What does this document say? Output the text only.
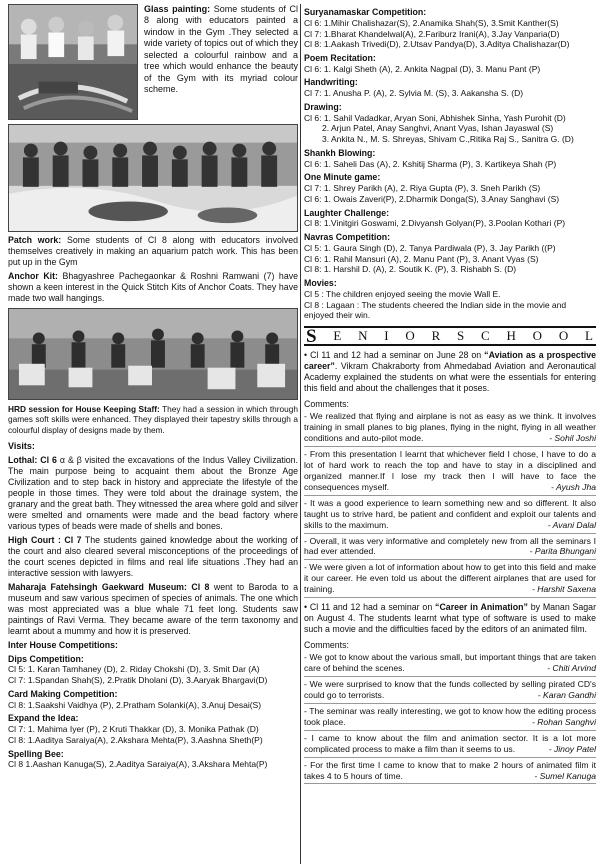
Glass painting: Some students of Cl 8 along with educators painted a window in the Gym .They selected a wide variety of topics out of which they selected a colourful rainbow and a tree which would enhance the beauty of the Gym with its myriad colour scheme.

Patch work: Some students of Cl 8 along with educators involved themselves creatively in making an aquarium patch work. This has been put up in the Gym

Anchor Kit: Bhagyashree Pachegaonkar & Roshni Ramwani (7) have shown a keen interest in the Quick Stitch Kits of Anchor Coats. They have made two wall hangings.

HRD session for House Keeping Staff: They had a session in which through games soft skills were enhanced. They displayed their tapestry skills through a colourful display of designs made by them.

Visits:

Lothal: Cl 6 α & β visited the excavations of the Indus Valley Civilization. The main purpose being to acquaint them about the Bronze Age Civilization and to step back in history and appreciate the lifestyle of the people in those times. They were told about the drainage system, the granary and the great bath. They witnessed the area where gold and silver were smelted and ornaments were made and the bead factory where various types of beads were made of shells and bones.

High Court : Cl 7 The students gained knowledge about the working of the court and also cleared several misconceptions of the proceedings of the court scenes depicted in films and real life situations .They had an interactive session with lawyers.

Maharaja Fatehsingh Gaekward Museum: Cl 8 went to Baroda to a museum and saw various specimen of species of animals. The one which was most appreciated was a blue whale 71 feet long. Students saw paintings of Ravi Verma. They became aware of the term taxonomy and learnt about a mummy and how it is preserved.

Inter House Competitions:
Dips Competition:
Cl 5: 1. Karan Tamhaney (D), 2. Riday Chokshi (D), 3. Smit Dar (A)
Cl 7: 1.Spandan Shah(S), 2.Pratik Dholani (D), 3.Aaryak Bhargavi(D)
Card Making Competition:
Cl 8: 1.Saakshi Vaidhya (P), 2.Pratham Solanki(A), 3.Anuj Desai(S)
Expand the Idea:
Cl 7: 1. Mahima Iyer (P), 2 Kruti Thakkar (D), 3. Monika Pathak (D)
Cl 8: 1.Aaditya Saraiya(A), 2.Akshara Mehta(P), 3.Aashna Sheth(P)
Spelling Bee:
Cl 8 1.Aashan Kanuga(S), 2.Aaditya Saraiya(A), 3.Akshara Mehta(P)
Suryanamaskar Competition:
Cl 6: 1.Mihir Chalishazar(S), 2.Anamika Shah(S), 3.Smit Kanther(S)
Cl 7: 1.Bharat Khandelwal(A), 2.Fariburz Irani(A), 3.Jay Vanparia(D)
Cl 8: 1.Aakash Trivedi(D), 2.Utsav Pandya(D), 3.Aditya Chalishazar(D)
Poem Recitation:
Cl 6: 1. Kalgi Sheth (A), 2. Ankita Nagpal (D), 3. Manu Pant (P)
Handwriting:
Cl 7: 1. Anusha P. (A), 2. Sylvia M. (S), 3. Aakansha S. (D)
Drawing:
Cl 6: 1. Sahil Vadadkar, Aryan Soni, Abhishek Sinha, Yash Purohit (D)
2. Arjun Patel, Anay Sanghvi, Anant Vyas, Ishan Jayaswal (S)
3. Ankita N., M. S. Shreyas, Shivam C.,Ritika Raj S., Sanitra G. (D)
Shankh Blowing:
Cl 6: 1. Saheli Das (A), 2. Kshitij Sharma (P), 3. Kartikeya Shah (P)
One Minute game:
Cl 7: 1. Shrey Parikh (A), 2. Riya Gupta (P), 3. Sneh Parikh (S)
Cl 6: 1. Owais Zaveri(P), 2.Dharmik Donga(S), 3.Anay Sanghavi (S)
Laughter Challenge:
Cl 8: 1.Vinitgiri Goswami, 2.Divyansh Golyan(P), 3.Poolan Kothari (P)
Navras Competition:
Cl 5: 1. Gaura Singh (D), 2. Tanya Pardiwala (P), 3. Jay Parikh ((P)
Cl 6: 1. Rahil Mansuri (A), 2. Manu Pant (P), 3. Anant Vyas (S)
Cl 8: 1. Harshil D. (A), 2. Soutik K. (P), 3. Rishabh S. (D)
Movies:
Cl 5 : The children enjoyed seeing the movie Wall E.
Cl 8 : Lagaan : The students cheered the Indian side in the movie and enjoyed their win.
S E N I O R S C H O O L

• Cl 11 and 12 had a seminar on June 28 on “Aviation as a prospective career”. Vikram Chakraborty from Ahmedabad Aviation and Aeronautical Academy explained the students on what were the essentials for entering this field and about the challenges that it poses.

Comments:
- We realized that flying and airplane is not as easy as we think. It involves training in small planes to big planes, flying in the night, flying in all weather conditions and auto-pilot mode.	- Sohil Joshi
- From this presentation I learnt that whichever field I chose, I have to do a lot of hard work to reach the top and have to stay in a disciplined and organized manner.If I lose my track then I will have to face the consequences myself.	- Ayush Jha
- It was a good experience to learn something new and so different. It also taught us to strive hard, be patient and confident and exploit our talents and skills to the maximum.	- Avani Dalal
- Overall, it was very informative and completely new from all the seminars I had ever attended.	- Parita Bhungani
- We were given a lot of information about how to get into this field and make it our career. He even told us about the different airplanes that are used for training.	- Harshit Saxena

• Cl 11 and 12 had a seminar on “Career in Animation” by Manan Sagar on August 4. The students learnt what type of software is used to make such a movie and the difficulties faced by the editors of an animated film.

Comments:
- We got to know about the various small, but important things that are taken care of behind the scenes.	- Chiti Arvind
- We were surprised to know that the funds collected by selling pirated CD's could go to terrorists.	- Karan Gandhi
- The seminar was really interesting, we got to know how the editing process took place.	- Rohan Sanghvi
- I came to know about the film and animation sector. It is a lot more complicated process to make a film than it seems to us.	- Jinoy Patel
- For the first time I came to know that to make 2 hours of animated film it takes 4 to 5 hours of time.	- Sumel Kanuga
